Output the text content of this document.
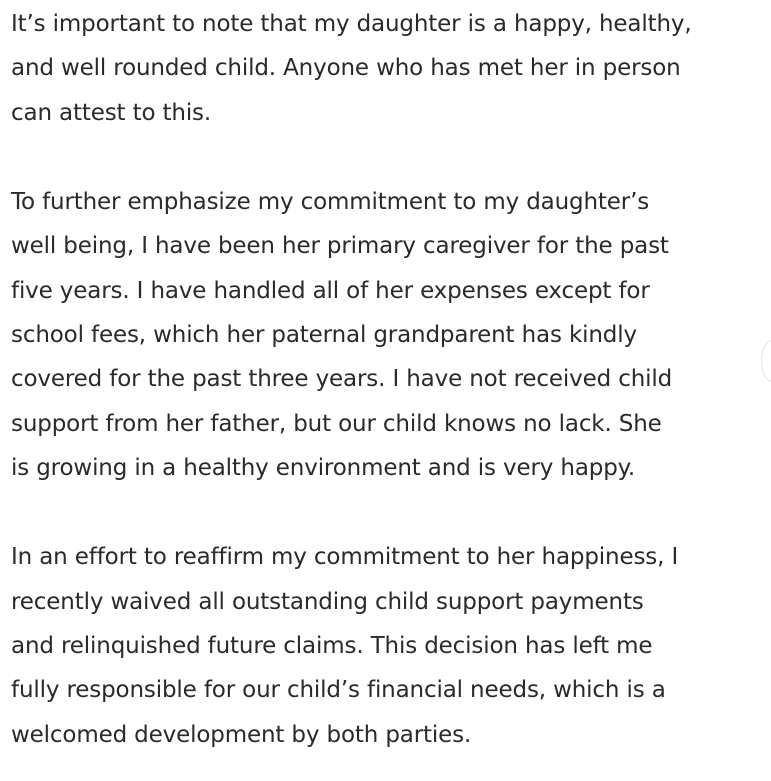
It’s important to note that my daughter is a happy, healthy,
and well rounded child. Anyone who has met her in person
can attest to this.

To further emphasize my commitment to my daughter’s
well being, I have been her primary caregiver for the past
five years. I have handled all of her expenses except for
school fees, which her paternal grandparent has kindly
covered for the past three years. I have not received child
support from her father, but our child knows no lack. She
is growing in a healthy environment and is very happy.

In an effort to reaffirm my commitment to her happiness, I
recently waived all outstanding child support payments
and relinquished future claims. This decision has left me
fully responsible for our child’s financial needs, which is a
welcomed development by both parties.
